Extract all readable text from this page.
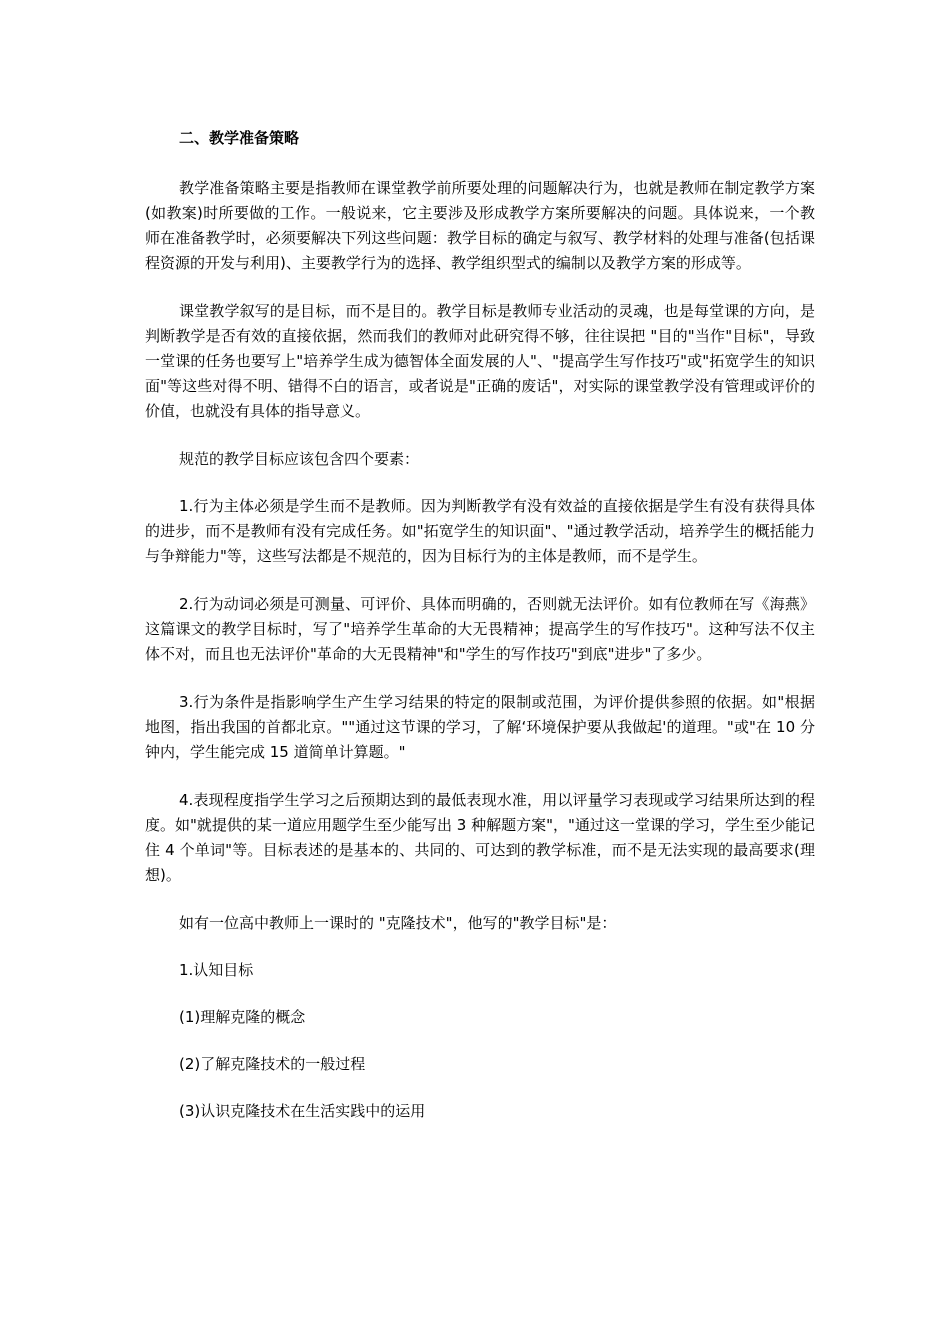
二、教学准备策略

教学准备策略主要是指教师在课堂教学前所要处理的问题解决行为，也就是教师在制定教学方案 (如教案)时所要做的工作。一般说来，它主要涉及形成教学方案所要解决的问题。具体说来，一个教师在准备教学时，必须要解决下列这些问题：教学目标的确定与叙写、教学材料的处理与准备(包括课程资源的开发与利用)、主要教学行为的选择、教学组织型式的编制以及教学方案的形成等。

课堂教学叙写的是目标，而不是目的。教学目标是教师专业活动的灵魂，也是每堂课的方向，是判断教学是否有效的直接依据，然而我们的教师对此研究得不够，往往误把 "目的"当作"目标"，导致一堂课的任务也要写上"培养学生成为德智体全面发展的人"、"提高学生写作技巧"或"拓宽学生的知识面"等这些对得不明、错得不白的语言，或者说是"正确的废话"，对实际的课堂教学没有管理或评价的价值，也就没有具体的指导意义。

规范的教学目标应该包含四个要素：

1.行为主体必须是学生而不是教师。因为判断教学有没有效益的直接依据是学生有没有获得具体的进步，而不是教师有没有完成任务。如"拓宽学生的知识面"、"通过教学活动，培养学生的概括能力与争辩能力"等，这些写法都是不规范的，因为目标行为的主体是教师，而不是学生。

2.行为动词必须是可测量、可评价、具体而明确的，否则就无法评价。如有位教师在写《海燕》这篇课文的教学目标时，写了"培养学生革命的大无畏精神；提高学生的写作技巧"。这种写法不仅主体不对，而且也无法评价"革命的大无畏精神"和"学生的写作技巧"到底"进步"了多少。

3.行为条件是指影响学生产生学习结果的特定的限制或范围，为评价提供参照的依据。如"根据地图，指出我国的首都北京。""通过这节课的学习，了解‘环境保护要从我做起'的道理。"或"在 10 分钟内，学生能完成 15 道简单计算题。"

4.表现程度指学生学习之后预期达到的最低表现水准，用以评量学习表现或学习结果所达到的程度。如"就提供的某一道应用题学生至少能写出 3 种解题方案"，"通过这一堂课的学习，学生至少能记住 4 个单词"等。目标表述的是基本的、共同的、可达到的教学标准，而不是无法实现的最高要求(理想)。

如有一位高中教师上一课时的 "克隆技术"，他写的"教学目标"是：

1.认知目标

(1)理解克隆的概念

(2)了解克隆技术的一般过程

(3)认识克隆技术在生活实践中的运用
